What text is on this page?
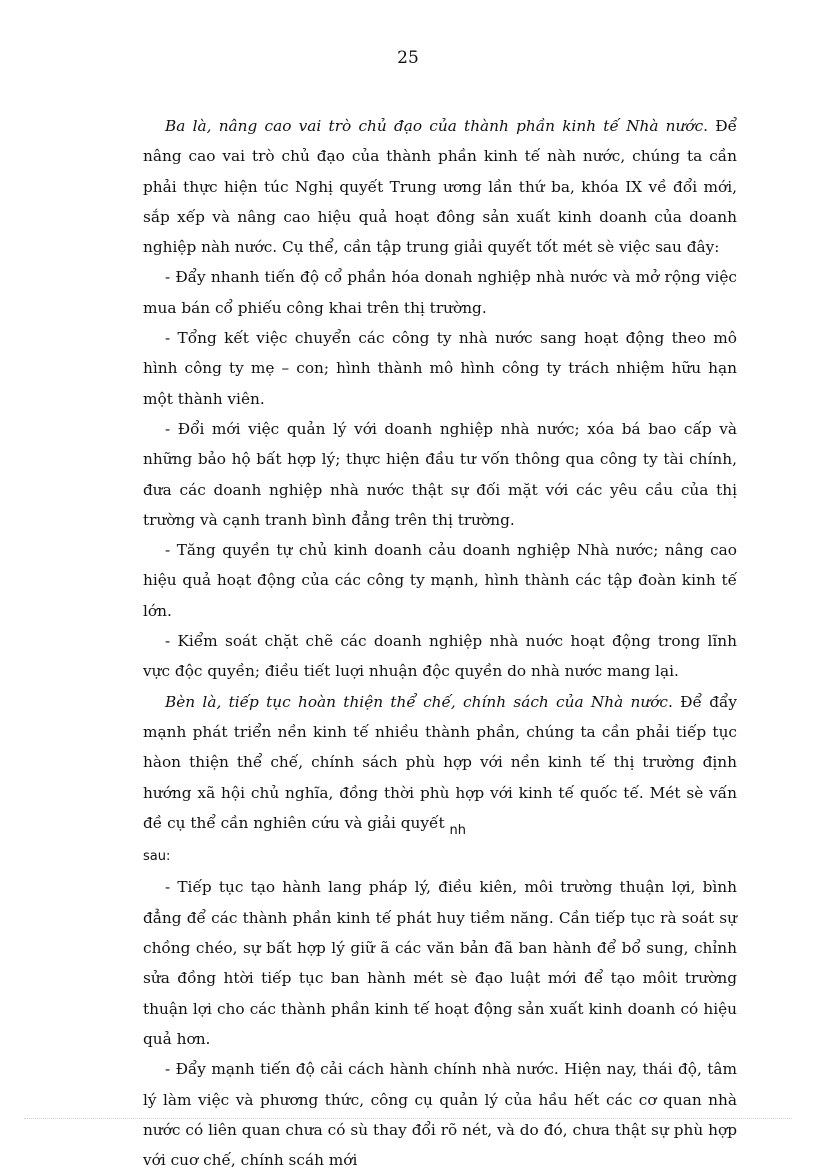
25

Ba là, nâng cao vai trò chủ đạo của thành phần kinh tế Nhà nước. Để nâng cao vai trò chủ đạo của thành phần kinh tế nàh nước, chúng ta cần phải thực hiện túc Nghị quyết Trung ương lần thứ ba, khóa IX về đổi mới, sắp xếp và nâng cao hiệu quả hoạt đông sản xuất kinh doanh của doanh nghiệp nàh nước. Cụ thể, cần tập trung giải quyết tốt mét sè việc sau đây:

- Đẩy nhanh tiến độ cổ phần hóa donah nghiệp nhà nước và mở rộng việc mua bán cổ phiếu công khai trên thị trường.

- Tổng kết việc chuyển các công ty nhà nước sang hoạt động theo mô hình công ty mẹ – con; hình thành mô hình công ty trách nhiệm hữu hạn một thành viên.

- Đổi mới việc quản lý với doanh nghiệp nhà nước; xóa bá bao cấp và những bảo hộ bất hợp lý; thực hiện đầu tư vốn thông qua công ty tài chính, đưa các doanh nghiệp nhà nước thật sự đối mặt với các yêu cầu của thị trường và cạnh tranh bình đẳng trên thị trường.

- Tăng quyền tự chủ kinh doanh cảu doanh nghiệp Nhà nước; nâng cao hiệu quả hoạt động của các công ty mạnh, hình thành các tập đoàn kinh tế lớn.

- Kiểm soát chặt chẽ các doanh nghiệp nhà nuớc hoạt động trong lĩnh vực độc quyền; điều tiết luợi nhuận độc quyền do nhà nước mang lại.

Bèn là, tiếp tục hoàn thiện thể chế, chính sách của Nhà nước. Để đẩy mạnh phát triển nền kinh tế nhiều thành phần, chúng ta cần phải tiếp tục hàon thiện thể chế, chính sách phù hợp với nền kinh tế thị trường định hướng xã hội chủ nghĩa, đồng thời phù hợp với kinh tế quốc tế. Mét sè vấn đề cụ thể cần nghiên cứu và giải quyết $_{nh}$
sau:

- Tiếp tục tạo hành lang pháp lý, điều kiên, môi trường thuận lợi, bình đẳng để các thành phần kinh tế phát huy tiềm năng. Cần tiếp tục rà soát sự chồng chéo, sự bất hợp lý giữ ã các văn bản đã ban hành để bổ sung, chỉnh sửa đồng htời tiếp tục ban hành mét sè đạo luật mới để tạo môit trường thuận lợi cho các thành phần kinh tế hoạt động sản xuất kinh doanh có hiệu quả hơn.

- Đẩy mạnh tiến độ cải cách hành chính nhà nước. Hiện nay, thái độ, tâm lý làm việc và phương thức, công cụ quản lý của hầu hết các cơ quan nhà nước có liên quan chưa có sù thay đổi rõ nét, và do đó, chưa thật sự phù hợp với cuơ chế, chính scáh mới
